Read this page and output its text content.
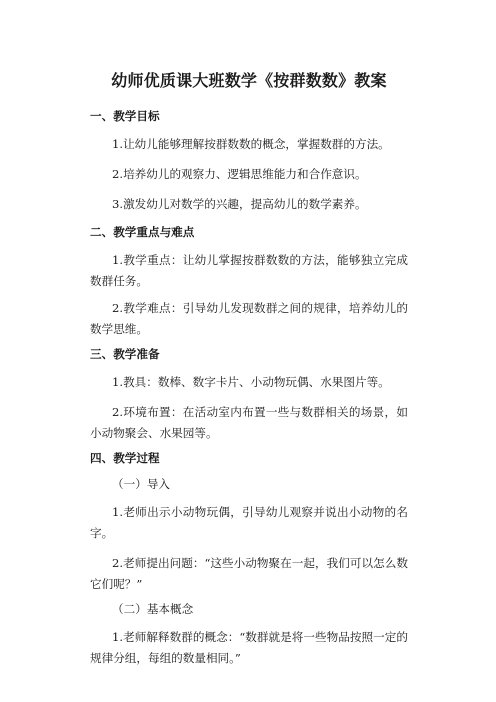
幼师优质课大班数学《按群数数》教案
一、教学目标

1.让幼儿能够理解按群数数的概念，掌握数群的方法。

2.培养幼儿的观察力、逻辑思维能力和合作意识。

3.激发幼儿对数学的兴趣，提高幼儿的数学素养。

二、教学重点与难点

1.教学重点：让幼儿掌握按群数数的方法，能够独立完成数群任务。

2.教学难点：引导幼儿发现数群之间的规律，培养幼儿的数学思维。

三、教学准备

1.教具：数棒、数字卡片、小动物玩偶、水果图片等。

2.环境布置：在活动室内布置一些与数群相关的场景，如小动物聚会、水果园等。

四、教学过程
（一）导入

1.老师出示小动物玩偶，引导幼儿观察并说出小动物的名字。

2.老师提出问题：“这些小动物聚在一起，我们可以怎么数它们呢？”

（二）基本概念

1.老师解释数群的概念：“数群就是将一些物品按照一定的规律分组，每组的数量相同。”
